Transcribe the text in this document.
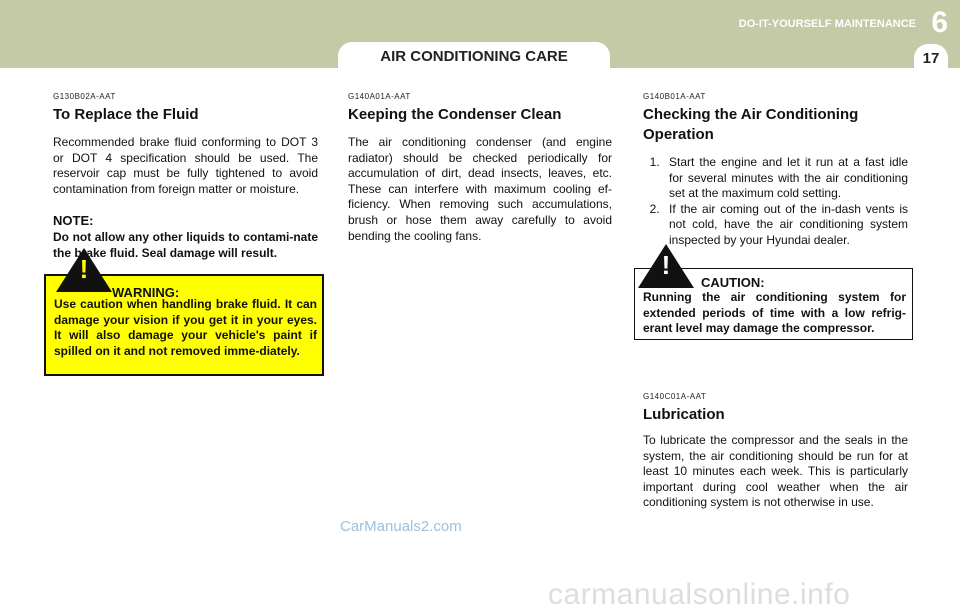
AIR CONDITIONING CARE
DO-IT-YOURSELF MAINTENANCE 6
17
G130B02A-AAT
To Replace the Fluid

Recommended brake fluid conforming to DOT 3 or DOT 4 specification should be used. The reservoir cap must be fully tightened to avoid contamination from foreign matter or moisture.

NOTE:
Do not allow any other liquids to contami-nate the brake fluid. Seal damage will result.
WARNING:
Use caution when handling brake fluid. It can damage your vision if you get it in your eyes. It will also damage your vehicle's paint if spilled on it and not removed imme-diately.
!
G140A01A-AAT
Keeping the Condenser Clean

The air conditioning condenser (and engine radiator) should be checked periodically for accumulation of dirt, dead insects, leaves, etc. These can interfere with maximum cooling ef-ficiency. When removing such accumulations, brush or hose them away carefully to avoid bending the cooling fans.

G140B01A-AAT
Checking the Air Conditioning Operation
1. Start the engine and let it run at a fast idle for several minutes with the air conditioning set at the maximum cold setting.
2. If the air coming out of the in-dash vents is not cold, have the air conditioning system inspected by your Hyundai dealer.
CAUTION:
Running the air conditioning system for extended periods of time with a low refrig-erant level may damage the compressor.
!
G140C01A-AAT
Lubrication

To lubricate the compressor and the seals in the system, the air conditioning should be run for at least 10 minutes each week. This is particularly important during cool weather when the air conditioning system is not otherwise in use.

CarManuals2.com
carmanualsonline.info
